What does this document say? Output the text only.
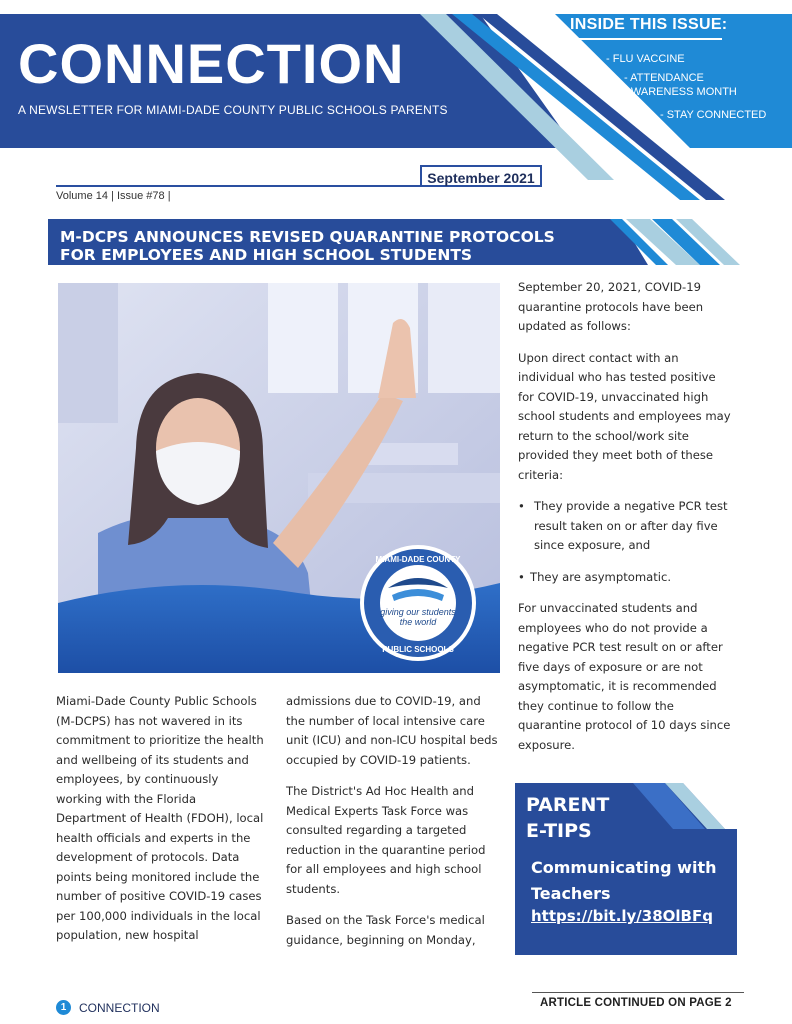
CONNECTION
A NEWSLETTER FOR MIAMI-DADE COUNTY PUBLIC SCHOOLS PARENTS
INSIDE THIS ISSUE:
- FLU VACCINE
- ATTENDANCE AWARENESS MONTH
- STAY CONNECTED
September 2021
Volume 14 | Issue #78 |
M-DCPS ANNOUNCES REVISED QUARANTINE PROTOCOLS
FOR EMPLOYEES AND HIGH SCHOOL STUDENTS
giving our students
the world
MIAMI-DADE COUNTY
PUBLIC SCHOOLS

September 20, 2021, COVID-19 quarantine protocols have been updated as follows:

Upon direct contact with an individual who has tested positive for COVID-19, unvaccinated high school students and employees may return to the school/work site provided they meet both of these criteria:

• They provide a negative PCR test result taken on or after day five since exposure, and
• They are asymptomatic.

For unvaccinated students and employees who do not provide a negative PCR test result on or after five days of exposure or are not asymptomatic, it is recommended they continue to follow the quarantine protocol of 10 days since exposure.

Miami-Dade County Public Schools (M-DCPS) has not wavered in its commitment to prioritize the health and wellbeing of its students and employees, by continuously working with the Florida Department of Health (FDOH), local health officials and experts in the development of protocols. Data points being monitored include the number of positive COVID-19 cases per 100,000 individuals in the local population, new hospital

admissions due to COVID-19, and the number of local intensive care unit (ICU) and non-ICU hospital beds occupied by COVID-19 patients.

The District's Ad Hoc Health and Medical Experts Task Force was consulted regarding a targeted reduction in the quarantine period for all employees and high school students.

Based on the Task Force's medical guidance, beginning on Monday,

PARENT
E-TIPS
Communicating with Teachers
https://bit.ly/38OlBFq
1	CONNECTION	ARTICLE CONTINUED ON PAGE 2
